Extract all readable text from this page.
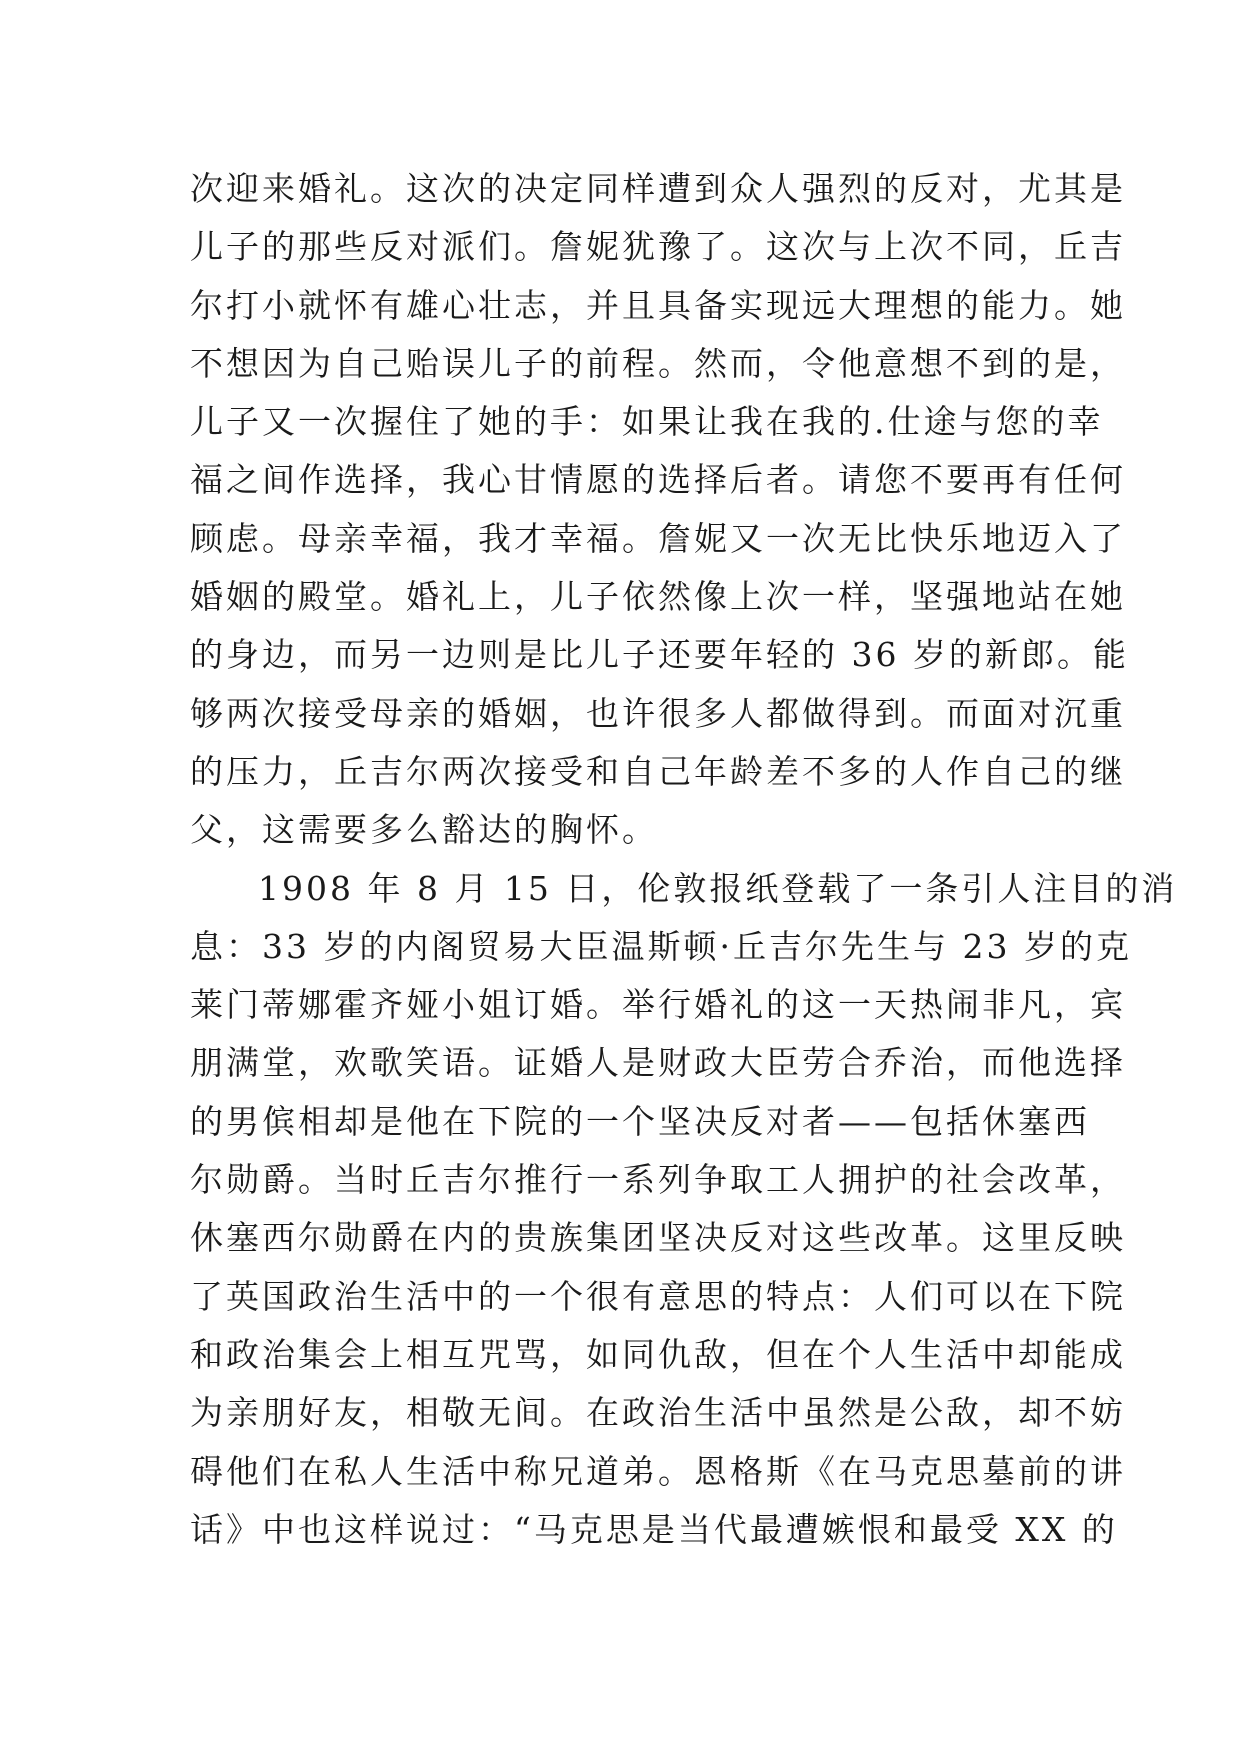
次迎来婚礼。这次的决定同样遭到众人强烈的反对，尤其是
儿子的那些反对派们。詹妮犹豫了。这次与上次不同，丘吉
尔打小就怀有雄心壮志，并且具备实现远大理想的能力。她
不想因为自己贻误儿子的前程。然而，令他意想不到的是，
儿子又一次握住了她的手：如果让我在我的.仕途与您的幸
福之间作选择，我心甘情愿的选择后者。请您不要再有任何
顾虑。母亲幸福，我才幸福。詹妮又一次无比快乐地迈入了
婚姻的殿堂。婚礼上，儿子依然像上次一样，坚强地站在她
的身边，而另一边则是比儿子还要年轻的 36 岁的新郎。能
够两次接受母亲的婚姻，也许很多人都做得到。而面对沉重
的压力，丘吉尔两次接受和自己年龄差不多的人作自己的继
父，这需要多么豁达的胸怀。
1908 年 8 月 15 日，伦敦报纸登载了一条引人注目的消
息：33 岁的内阁贸易大臣温斯顿·丘吉尔先生与 23 岁的克
莱门蒂娜霍齐娅小姐订婚。举行婚礼的这一天热闹非凡，宾
朋满堂，欢歌笑语。证婚人是财政大臣劳合乔治，而他选择
的男傧相却是他在下院的一个坚决反对者——包括休塞西
尔勋爵。当时丘吉尔推行一系列争取工人拥护的社会改革，
休塞西尔勋爵在内的贵族集团坚决反对这些改革。这里反映
了英国政治生活中的一个很有意思的特点：人们可以在下院
和政治集会上相互咒骂，如同仇敌，但在个人生活中却能成
为亲朋好友，相敬无间。在政治生活中虽然是公敌，却不妨
碍他们在私人生活中称兄道弟。恩格斯《在马克思墓前的讲
话》中也这样说过：“马克思是当代最遭嫉恨和最受 XX 的
